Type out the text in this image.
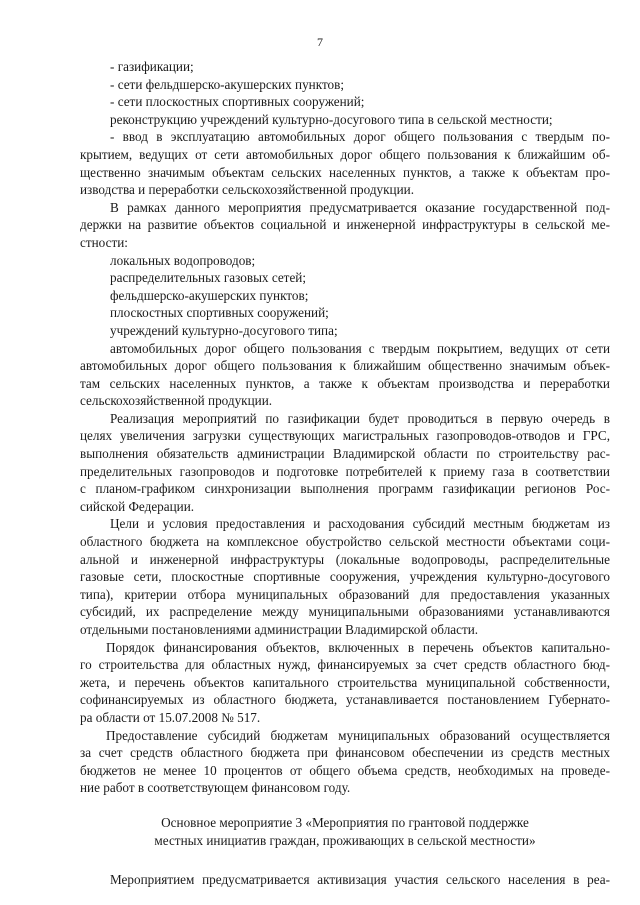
7
- газификации;
- сети фельдшерско-акушерских пунктов;
- сети плоскостных спортивных сооружений;
реконструкцию учреждений культурно-досугового типа в сельской местности;
- ввод в эксплуатацию автомобильных дорог общего пользования с твердым по-
крытием, ведущих от сети автомобильных дорог общего пользования к ближайшим об-
щественно значимым объектам сельских населенных пунктов, а также к объектам про-
изводства и переработки сельскохозяйственной продукции.
В рамках данного мероприятия предусматривается оказание государственной под-
держки на развитие объектов социальной и инженерной инфраструктуры в сельской ме-
стности:
локальных водопроводов;
распределительных газовых сетей;
фельдшерско-акушерских пунктов;
плоскостных спортивных сооружений;
учреждений культурно-досугового типа;
автомобильных дорог общего пользования с твердым покрытием, ведущих от сети
автомобильных дорог общего пользования к ближайшим общественно значимым объек-
там сельских населенных пунктов, а также к объектам производства и переработки
сельскохозяйственной продукции.
Реализация мероприятий по газификации будет проводиться в первую очередь в
целях увеличения загрузки существующих магистральных газопроводов-отводов и ГРС,
выполнения обязательств администрации Владимирской области по строительству рас-
пределительных газопроводов и подготовке потребителей к приему газа в соответствии
с планом-графиком синхронизации выполнения программ газификации регионов Рос-
сийской Федерации.
Цели и условия предоставления и расходования субсидий местным бюджетам из
областного бюджета на комплексное обустройство сельской местности объектами соци-
альной и инженерной инфраструктуры (локальные водопроводы, распределительные
газовые сети, плоскостные спортивные сооружения, учреждения культурно-досугового
типа), критерии отбора муниципальных образований для предоставления указанных
субсидий, их распределение между муниципальными образованиями устанавливаются
отдельными постановлениями администрации Владимирской области.
Порядок финансирования объектов, включенных в перечень объектов капитально-
го строительства для областных нужд, финансируемых за счет средств областного бюд-
жета, и перечень объектов капитального строительства муниципальной собственности,
софинансируемых из областного бюджета, устанавливается постановлением Губернато-
ра области от 15.07.2008 № 517.
Предоставление субсидий бюджетам муниципальных образований осуществляется
за счет средств областного бюджета при финансовом обеспечении из средств местных
бюджетов не менее 10 процентов от общего объема средств, необходимых на проведе-
ние работ в соответствующем финансовом году.
Основное мероприятие 3 «Мероприятия по грантовой поддержке
местных инициатив граждан, проживающих в сельской местности»
Мероприятием предусматривается активизация участия сельского населения в реа-
